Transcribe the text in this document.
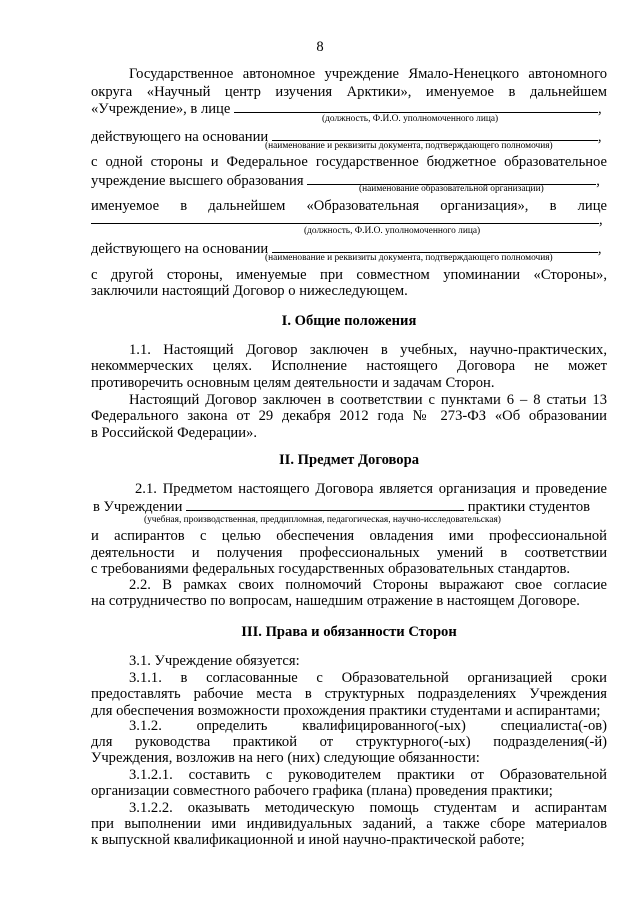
8
Государственное автономное учреждение Ямало-Ненецкого автономного
округа «Научный центр изучения Арктики», именуемое в дальнейшем
«Учреждение», в лице	,
(должность, Ф.И.О. уполномоченного лица)
действующего на основании	,
(наименование и реквизиты документа, подтверждающего полномочия)
с одной стороны и Федеральное государственное бюджетное образовательное
учреждение высшего образования	,
(наименование образовательной организации)
именуемое в дальнейшем «Образовательная организация», в лице
,
(должность, Ф.И.О. уполномоченного лица)
действующего на основании	,
(наименование и реквизиты документа, подтверждающего полномочия)
с другой стороны, именуемые при совместном упоминании «Стороны»,
заключили настоящий Договор о нижеследующем.
I. Общие положения
1.1. Настоящий Договор заключен в учебных, научно-практических,
некоммерческих целях. Исполнение настоящего Договора не может
противоречить основным целям деятельности и задачам Сторон.
Настоящий Договор заключен в соответствии с пунктами 6 – 8 статьи 13
Федерального закона от 29 декабря 2012 года № 273-ФЗ «Об образовании
в Российской Федерации».
II. Предмет Договора
2.1. Предметом настоящего Договора является организация и проведение
в Учреждении	практики студентов
(учебная, производственная, преддипломная, педагогическая, научно-исследовательская)
и аспирантов с целью обеспечения овладения ими профессиональной
деятельности и получения профессиональных умений в соответствии
с требованиями федеральных государственных образовательных стандартов.
2.2. В рамках своих полномочий Стороны выражают свое согласие
на сотрудничество по вопросам, нашедшим отражение в настоящем Договоре.
III. Права и обязанности Сторон
3.1. Учреждение обязуется:
3.1.1. в согласованные с Образовательной организацией сроки
предоставлять рабочие места в структурных подразделениях Учреждения
для обеспечения возможности прохождения практики студентами и аспирантами;
3.1.2. определить квалифицированного(-ых) специалиста(-ов)
для руководства практикой от структурного(-ых) подразделения(-й)
Учреждения, возложив на него (них) следующие обязанности:
3.1.2.1. составить с руководителем практики от Образовательной
организации совместного рабочего графика (плана) проведения практики;
3.1.2.2. оказывать методическую помощь студентам и аспирантам
при выполнении ими индивидуальных заданий, а также сборе материалов
к выпускной квалификационной и иной научно-практической работе;
